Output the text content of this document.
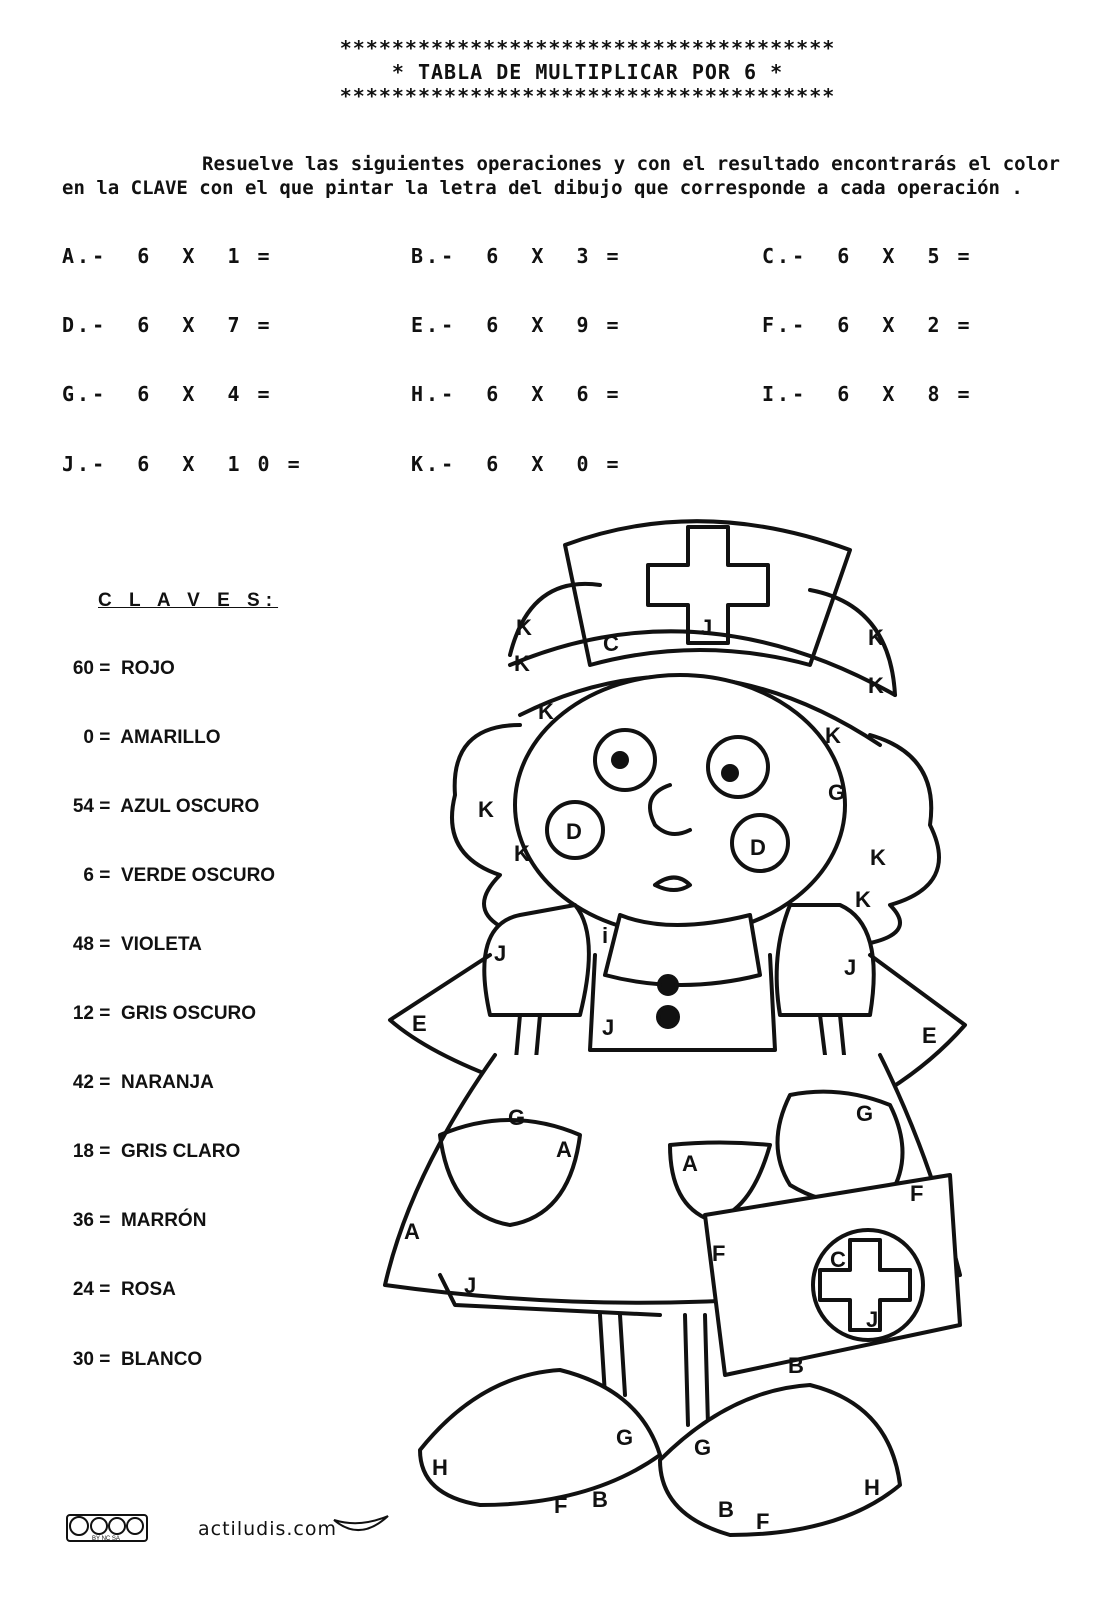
**************************************
* TABLA DE MULTIPLICAR POR 6 *
**************************************
Resuelve las siguientes operaciones y con el resultado encontrarás el color
en la CLAVE con el que pintar la letra del dibujo que corresponde a cada operación .
A.-  6  X  1 =	B.-  6  X  3 =	C.-  6  X  5 =
D.-  6  X  7 =	E.-  6  X  9 =	F.-  6  X  2 =
G.-  6  X  4 =	H.-  6  X  6 =	I.-  6  X  8 =
J.-  6  X  1 0 =	K.-  6  X  0 =
C L A V E S:
60 =  ROJO
0 =  AMARILLO
54 =  AZUL OSCURO
6 =  VERDE OSCURO
48 =  VIOLETA
12 =  GRIS OSCURO
42 =  NARANJA
18 =  GRIS CLARO
36 =  MARRÓN
24 =  ROSA
30 =  BLANCO
K	K
K
K
K
K
K
K	K
K
C
J
D
D
G
i
J
J
J
E	E
G	G
A
A
A
F
F	C
J
J
B
G	G
H
H
F B	B F
BY NC SA	actiludis.com
